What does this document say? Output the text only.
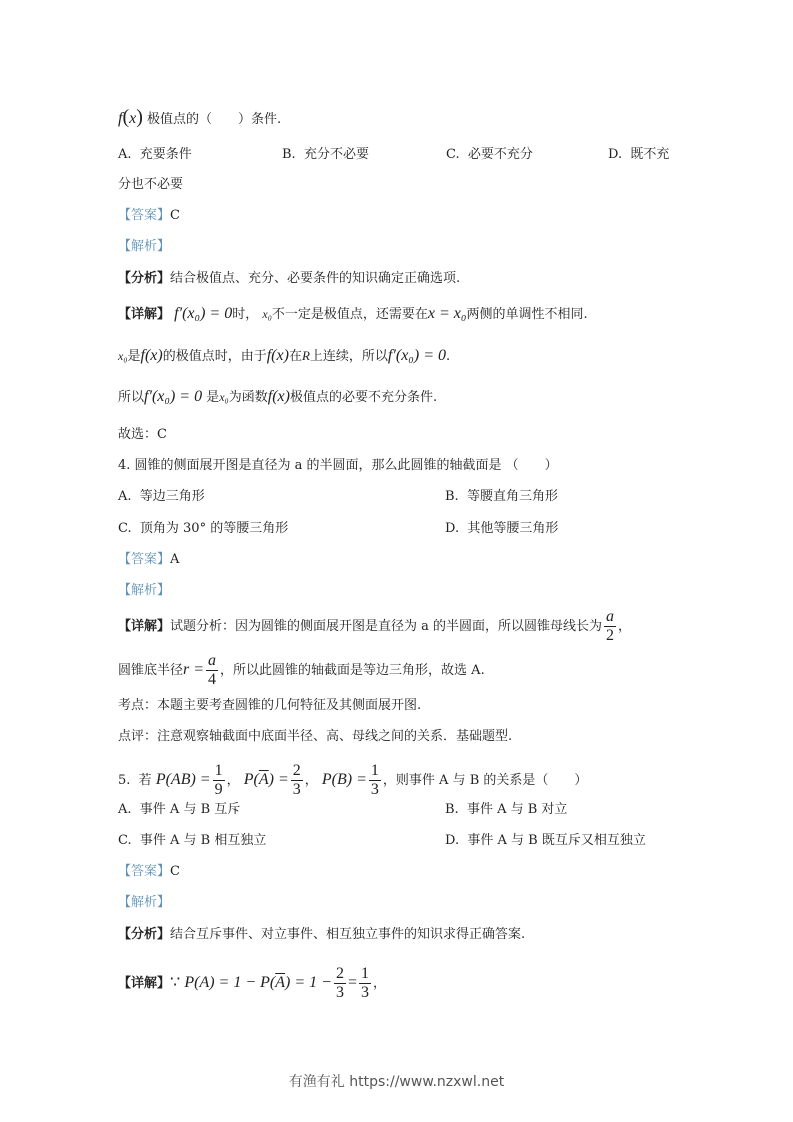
f(x) 极值点的（　　）条件.
A. 充要条件	B. 充分不必要	C. 必要不充分	D. 既不充
分也不必要
【答案】C
【解析】
【分析】结合极值点、充分、必要条件的知识确定正确选项.
【详解】 f′(x₀) = 0时， x₀不一定是极值点，还需要在x = x₀两侧的单调性不相同.
x₀是f(x)的极值点时，由于f(x)在R上连续，所以f′(x₀) = 0.
所以f′(x₀) = 0 是x₀为函数f(x)极值点的必要不充分条件.
故选：C
4. 圆锥的侧面展开图是直径为 a 的半圆面，那么此圆锥的轴截面是 （　　）
A. 等边三角形	B. 等腰直角三角形
C. 顶角为 30° 的等腰三角形	D. 其他等腰三角形
【答案】A
【解析】
【详解】试题分析：因为圆锥的侧面展开图是直径为 a 的半圆面，所以圆锥母线长为 $\frac{a}{2}$ ，
圆锥底半径$r = \frac{a}{4}$ ，所以此圆锥的轴截面是等边三角形，故选 A.
考点：本题主要考查圆锥的几何特征及其侧面展开图.
点评：注意观察轴截面中底面半径、高、母线之间的关系．基础题型.
5. 若 $P(AB) = \frac{1}{9}$ ， $P(\overline{A}) = \frac{2}{3}$ ， $P(B) = \frac{1}{3}$ ，则事件 A 与 B 的关系是（　　）
A. 事件 A 与 B 互斥	B. 事件 A 与 B 对立
C. 事件 A 与 B 相互独立	D. 事件 A 与 B 既互斥又相互独立
【答案】C
【解析】
【分析】结合互斥事件、对立事件、相互独立事件的知识求得正确答案.
【详解】∵ $P(A) = 1 - P(\overline{A}) = 1 - \frac{2}{3} = \frac{1}{3}$ ，
有渔有礼 https://www.nzxwl.net
